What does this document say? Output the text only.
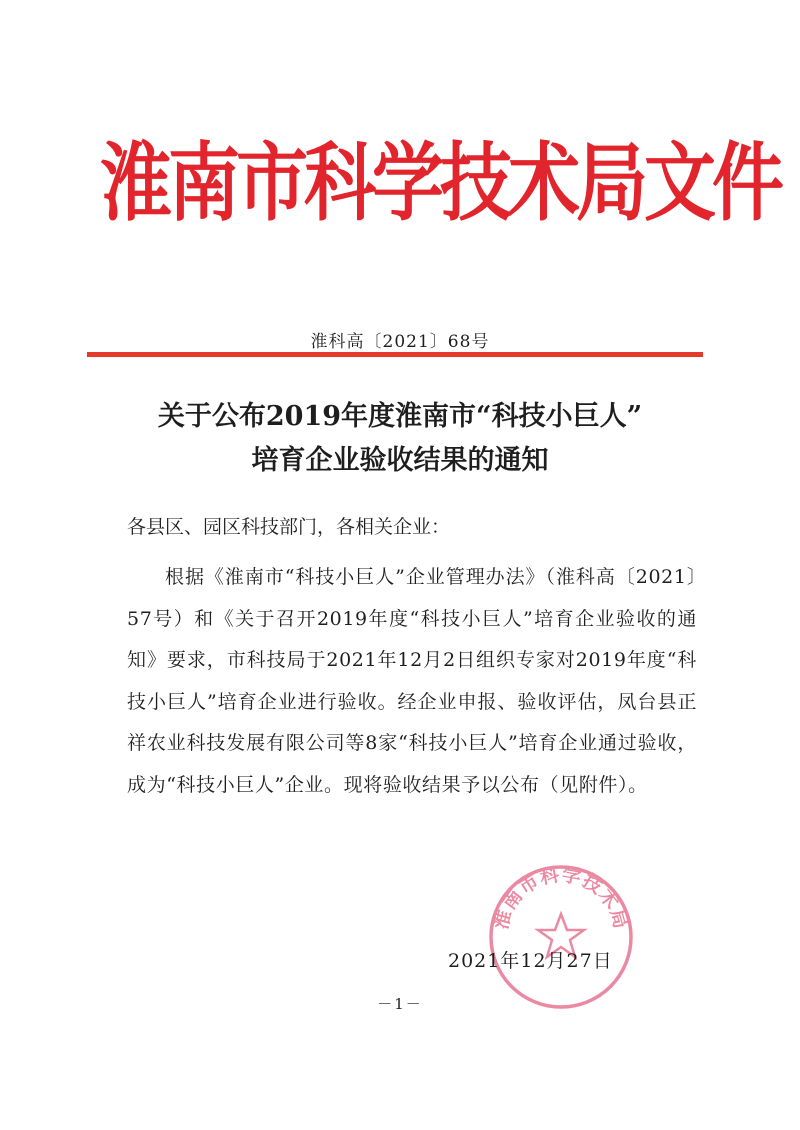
淮南市科学技术局文件
淮科高〔2021〕68号
关于公布2019年度淮南市“科技小巨人”
培育企业验收结果的通知
各县区、园区科技部门，各相关企业：
根据《淮南市“科技小巨人”企业管理办法》（淮科高〔2021〕57号）和《关于召开2019年度“科技小巨人”培育企业验收的通知》要求，市科技局于2021年12月2日组织专家对2019年度“科技小巨人”培育企业进行验收。经企业申报、验收评估，凤台县正祥农业科技发展有限公司等8家“科技小巨人”培育企业通过验收，成为“科技小巨人”企业。现将验收结果予以公布（见附件）。
淮南市科学技术局
2021年12月27日
－1－
